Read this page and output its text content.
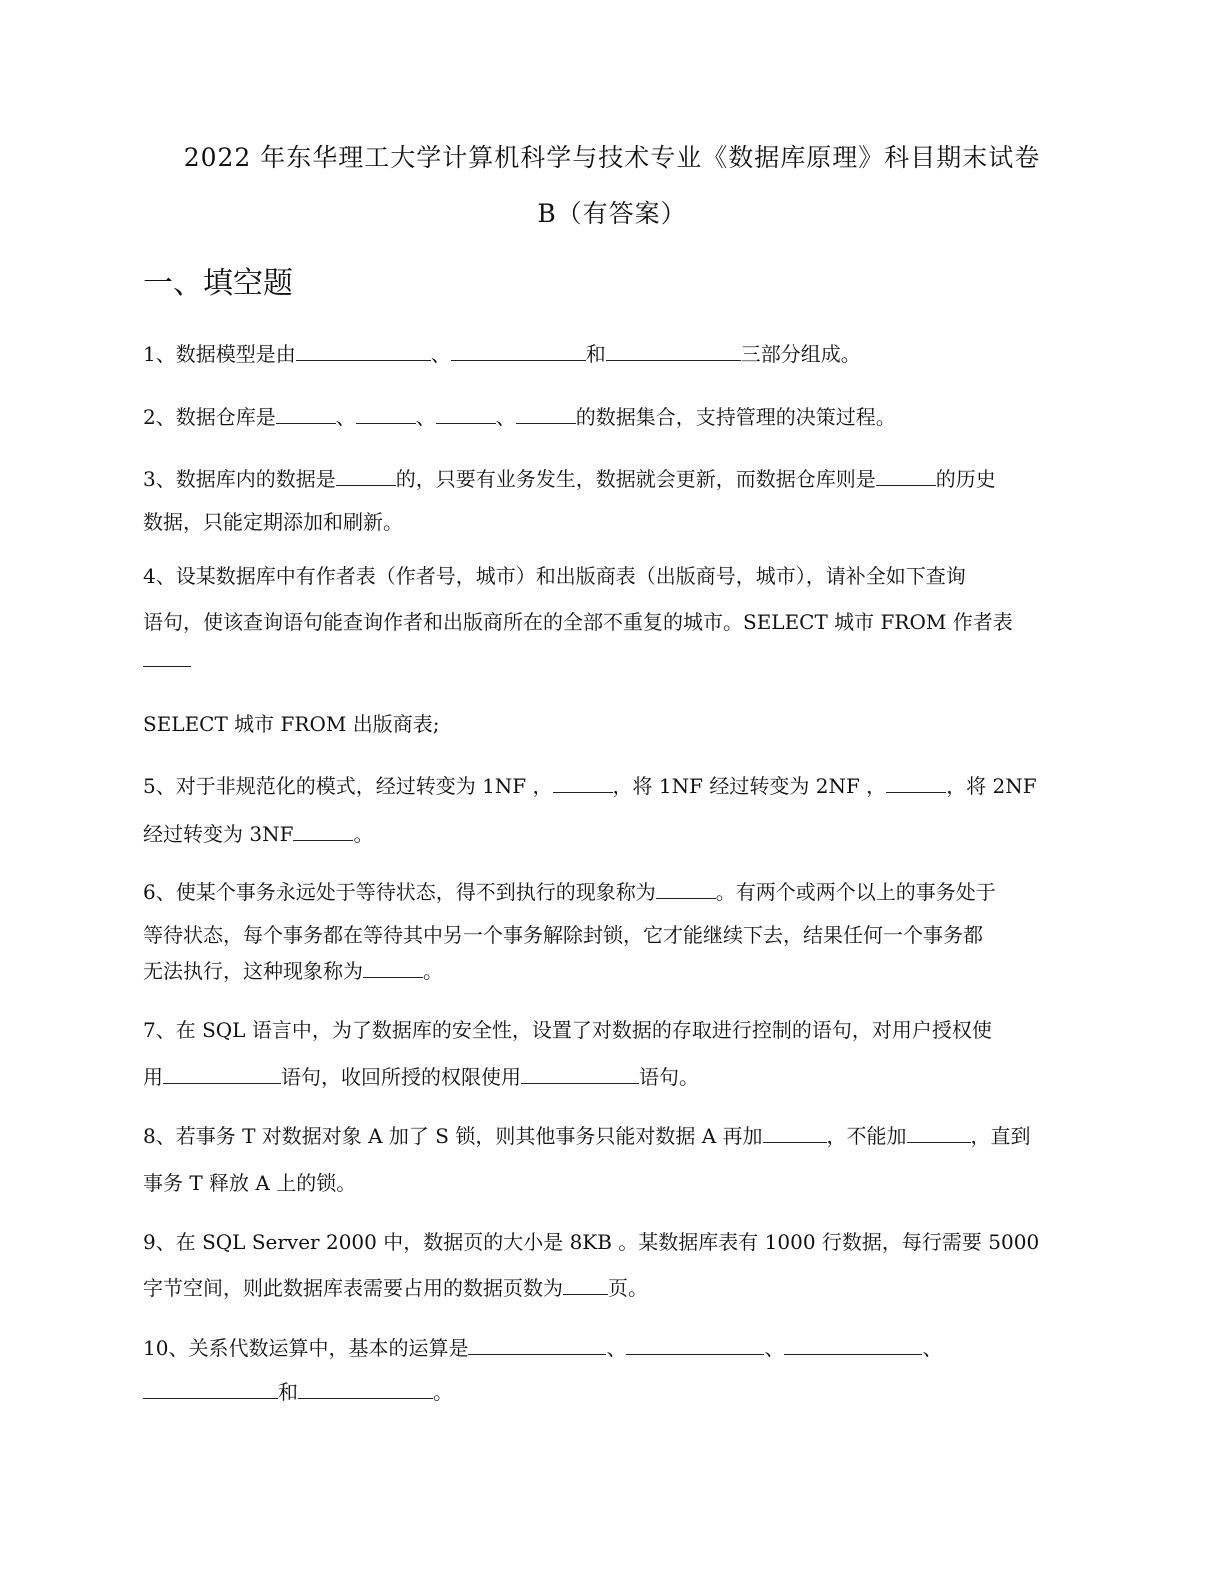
2022 年东华理工大学计算机科学与技术专业《数据库原理》科目期末试卷
B（有答案）
一、填空题
1、数据模型是由	、	和	三部分组成。
2、数据仓库是	、	、	、	的数据集合，支持管理的决策过程。
3、数据库内的数据是	的，只要有业务发生，数据就会更新，而数据仓库则是	的历史
数据，只能定期添加和刷新。
4、设某数据库中有作者表（作者号，城市）和出版商表（出版商号，城市），请补全如下查询
语句，使该查询语句能查询作者和出版商所在的全部不重复的城市。SELECT 城市 FROM 作者表
SELECT 城市 FROM 出版商表;
5、对于非规范化的模式，经过转变为 1NF ，	，将 1NF 经过转变为 2NF ，	，将 2NF
经过转变为 3NF	。
6、使某个事务永远处于等待状态，得不到执行的现象称为	。有两个或两个以上的事务处于
等待状态，每个事务都在等待其中另一个事务解除封锁，它才能继续下去，结果任何一个事务都
无法执行，这种现象称为	。
7、在 SQL 语言中，为了数据库的安全性，设置了对数据的存取进行控制的语句，对用户授权使
用	语句，收回所授的权限使用	语句。
8、若事务 T 对数据对象 A 加了 S 锁，则其他事务只能对数据 A 再加	，不能加	，直到
事务 T 释放 A 上的锁。
9、在 SQL Server 2000 中，数据页的大小是 8KB 。某数据库表有 1000 行数据，每行需要 5000
字节空间，则此数据库表需要占用的数据页数为 页。
10、关系代数运算中，基本的运算是	、	、	、
和	。
